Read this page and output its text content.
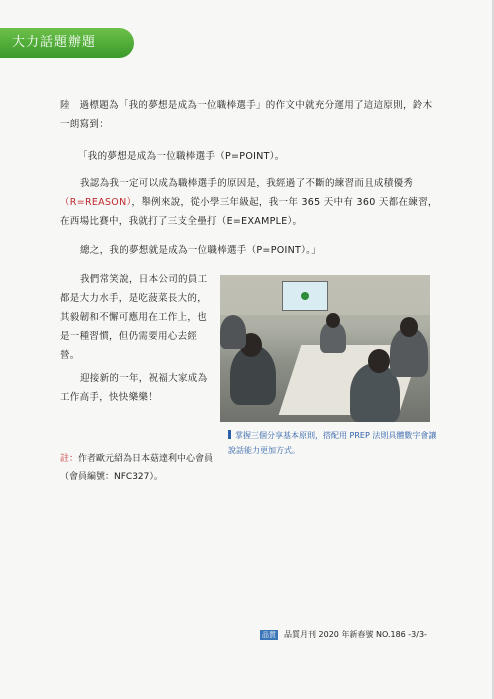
大力話題辦題
陸　過標題為「我的夢想是成為一位職棒選手」的作文中就充分運用了這這原則，鈴木一朗寫到：
「我的夢想是成為一位職棒選手（P=POINT）。
我認為我一定可以成為職棒選手的原因是，我經過了不斷的練習而且成積優秀（R=REASON），舉例來說，從小學三年級起，我一年 365 天中有 360 天都在練習，在西場比賽中，我就打了三支全壘打（E=EXAMPLE）。
總之，我的夢想就是成為一位職棒選手（P=POINT）。」
我們常笑說，日本公司的員工都是大力水手，是吃菠菜長大的，其毅韌和不懈可應用在工作上，也是一種習慣，但仍需要用心去經營。
迎接新的一年，祝福大家成為工作高手，快快樂樂！
掌握三個分享基本原則，搭配用 PREP 法則具體數字會讓說話能力更加方式。
註：作者歐元紹為日本菇達利中心會員（會員編號：NFC327）。
品質 品質月刊 2020 年新春號 NO.186 -3/3-
